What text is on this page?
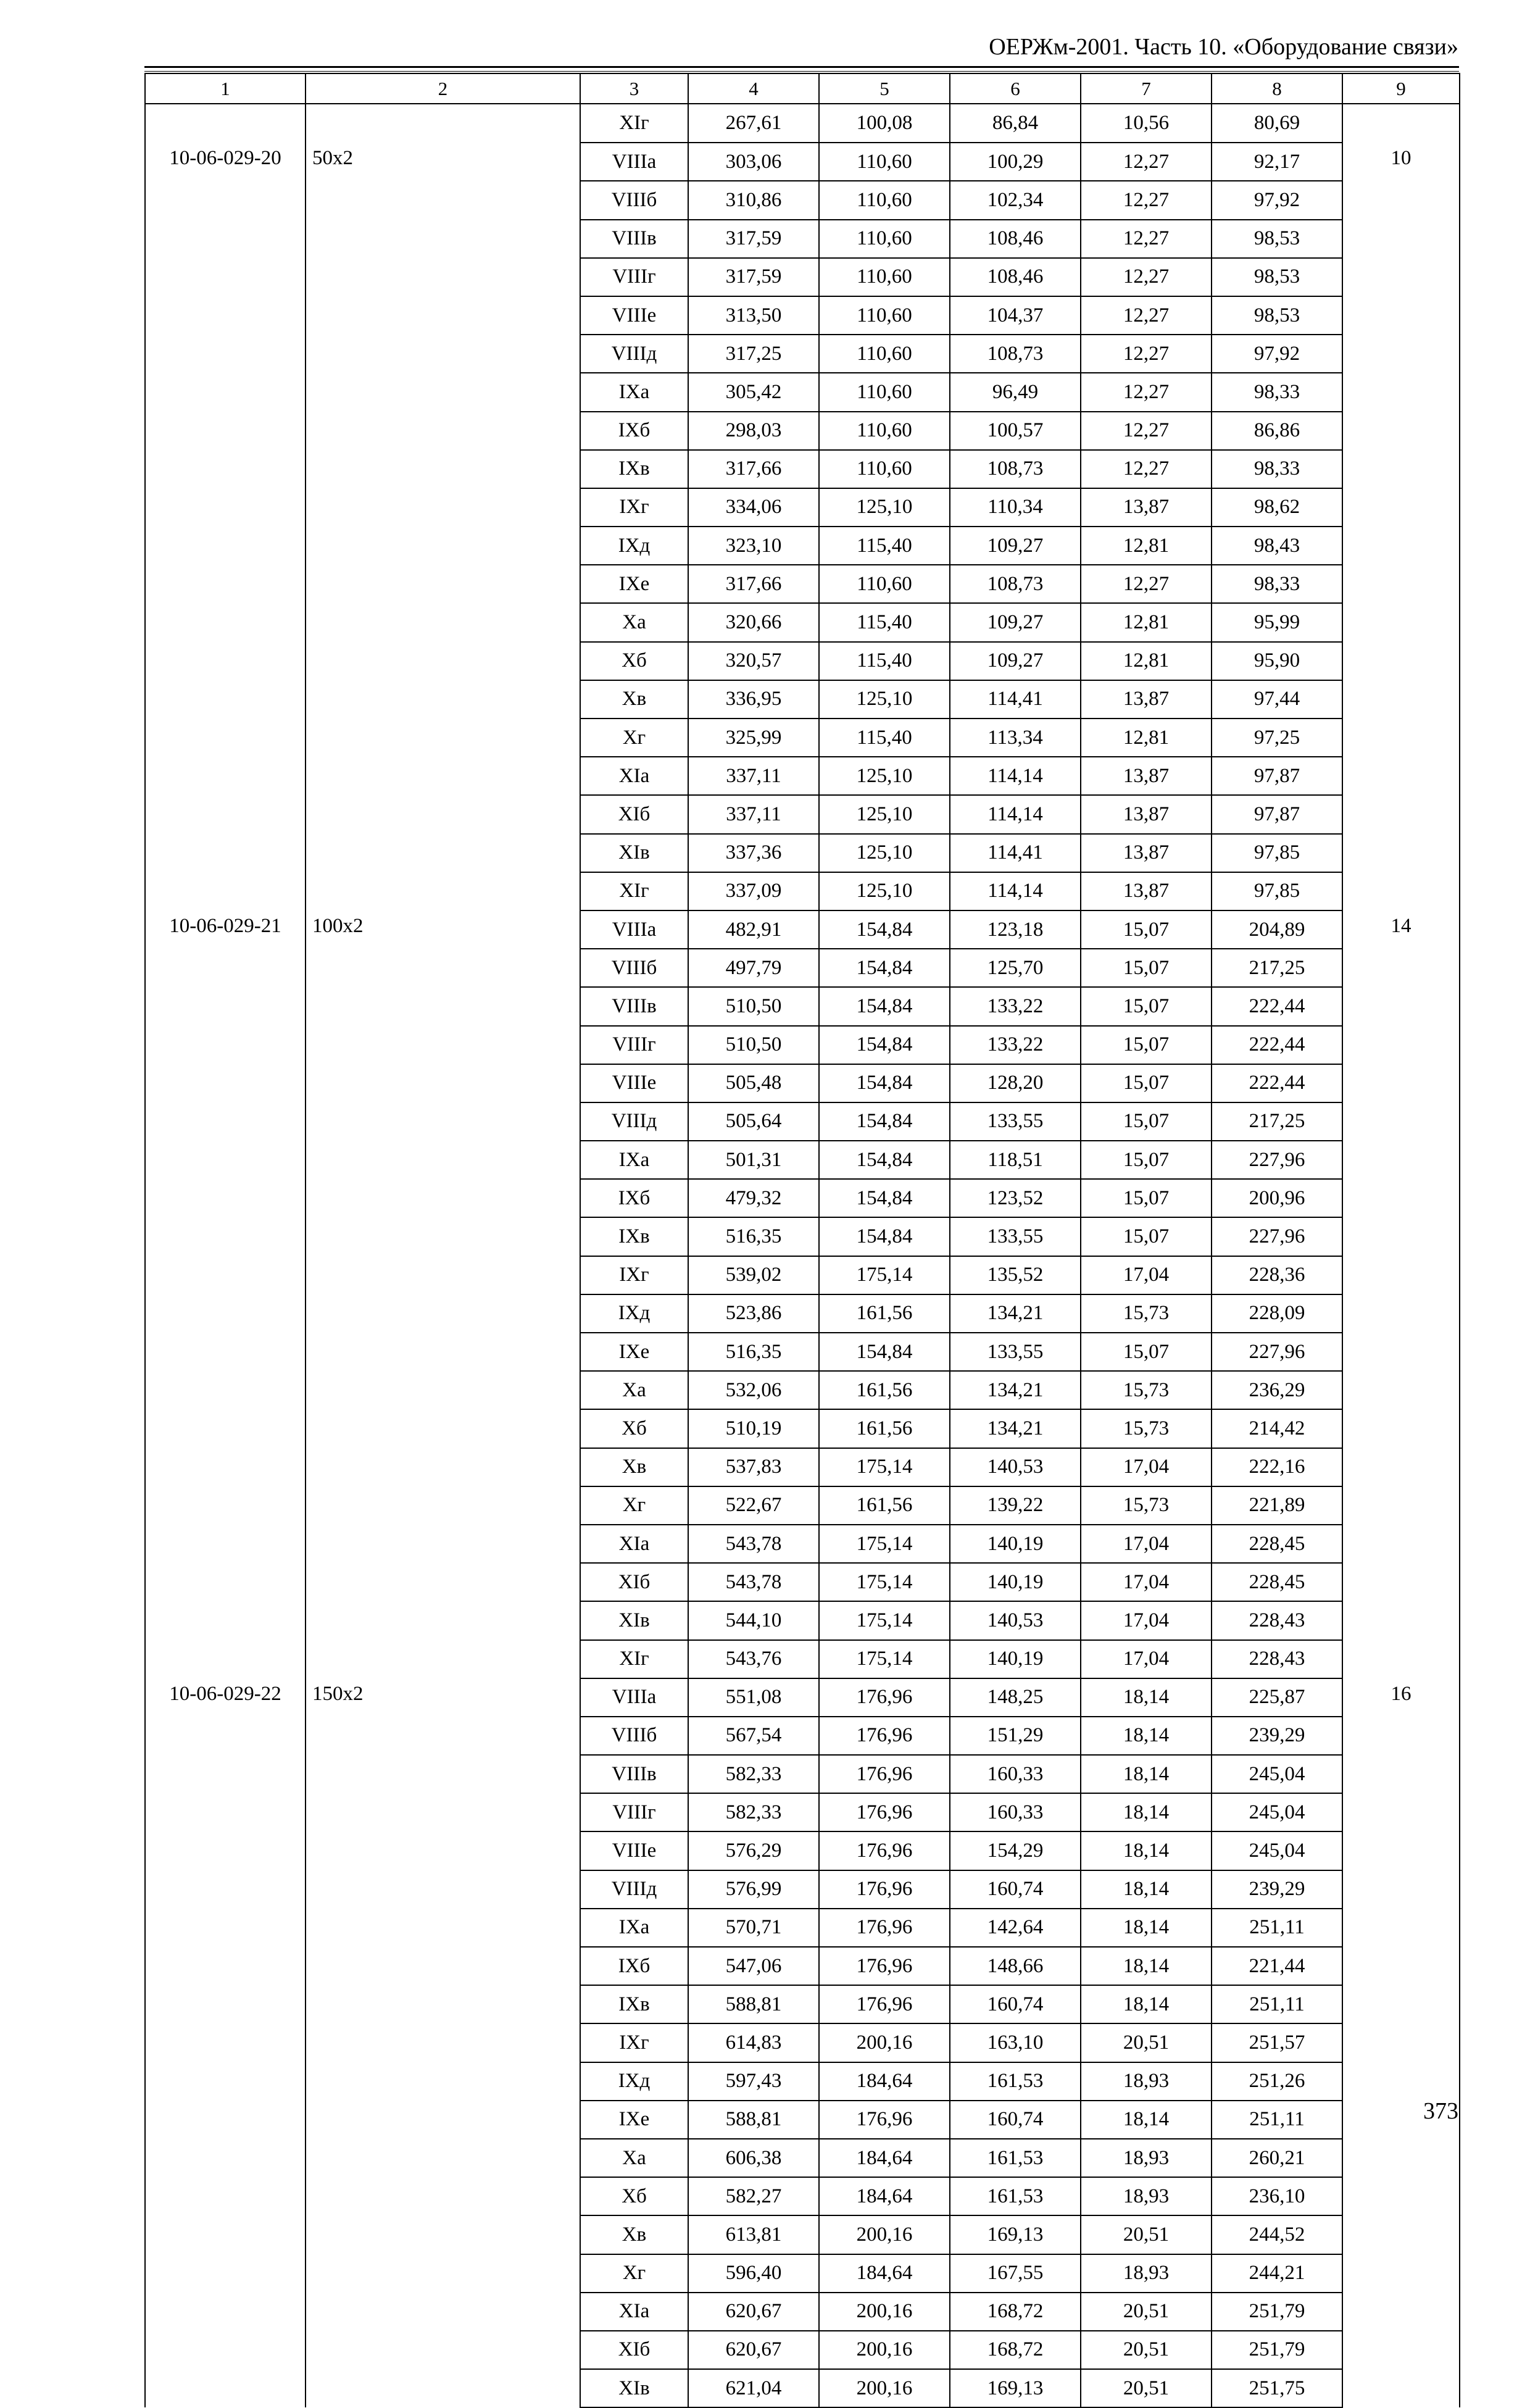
ОЕРЖм-2001. Часть 10. «Оборудование связи»
1	2	3	4	5	6	7	8	9
		XIг	267,61	100,08	86,84	10,56	80,69	
10-06-029-20	50x2	VIIIа	303,06	110,60	100,29	12,27	92,17	10
		VIIIб	310,86	110,60	102,34	12,27	97,92	
		VIIIв	317,59	110,60	108,46	12,27	98,53	
		VIIIг	317,59	110,60	108,46	12,27	98,53	
		VIIIе	313,50	110,60	104,37	12,27	98,53	
		VIIIд	317,25	110,60	108,73	12,27	97,92	
		IXа	305,42	110,60	96,49	12,27	98,33	
		IXб	298,03	110,60	100,57	12,27	86,86	
		IXв	317,66	110,60	108,73	12,27	98,33	
		IXг	334,06	125,10	110,34	13,87	98,62	
		IXд	323,10	115,40	109,27	12,81	98,43	
		IXе	317,66	110,60	108,73	12,27	98,33	
		Xа	320,66	115,40	109,27	12,81	95,99	
		Xб	320,57	115,40	109,27	12,81	95,90	
		Xв	336,95	125,10	114,41	13,87	97,44	
		Xг	325,99	115,40	113,34	12,81	97,25	
		XIа	337,11	125,10	114,14	13,87	97,87	
		XIб	337,11	125,10	114,14	13,87	97,87	
		XIв	337,36	125,10	114,41	13,87	97,85	
		XIг	337,09	125,10	114,14	13,87	97,85	
10-06-029-21	100x2	VIIIа	482,91	154,84	123,18	15,07	204,89	14
		VIIIб	497,79	154,84	125,70	15,07	217,25	
		VIIIв	510,50	154,84	133,22	15,07	222,44	
		VIIIг	510,50	154,84	133,22	15,07	222,44	
		VIIIе	505,48	154,84	128,20	15,07	222,44	
		VIIIд	505,64	154,84	133,55	15,07	217,25	
		IXа	501,31	154,84	118,51	15,07	227,96	
		IXб	479,32	154,84	123,52	15,07	200,96	
		IXв	516,35	154,84	133,55	15,07	227,96	
		IXг	539,02	175,14	135,52	17,04	228,36	
		IXд	523,86	161,56	134,21	15,73	228,09	
		IXе	516,35	154,84	133,55	15,07	227,96	
		Xа	532,06	161,56	134,21	15,73	236,29	
		Xб	510,19	161,56	134,21	15,73	214,42	
		Xв	537,83	175,14	140,53	17,04	222,16	
		Xг	522,67	161,56	139,22	15,73	221,89	
		XIа	543,78	175,14	140,19	17,04	228,45	
		XIб	543,78	175,14	140,19	17,04	228,45	
		XIв	544,10	175,14	140,53	17,04	228,43	
		XIг	543,76	175,14	140,19	17,04	228,43	
10-06-029-22	150x2	VIIIа	551,08	176,96	148,25	18,14	225,87	16
		VIIIб	567,54	176,96	151,29	18,14	239,29	
		VIIIв	582,33	176,96	160,33	18,14	245,04	
		VIIIг	582,33	176,96	160,33	18,14	245,04	
		VIIIе	576,29	176,96	154,29	18,14	245,04	
		VIIIд	576,99	176,96	160,74	18,14	239,29	
		IXа	570,71	176,96	142,64	18,14	251,11	
		IXб	547,06	176,96	148,66	18,14	221,44	
		IXв	588,81	176,96	160,74	18,14	251,11	
		IXг	614,83	200,16	163,10	20,51	251,57	
		IXд	597,43	184,64	161,53	18,93	251,26	
		IXе	588,81	176,96	160,74	18,14	251,11	
		Xа	606,38	184,64	161,53	18,93	260,21	
		Xб	582,27	184,64	161,53	18,93	236,10	
		Xв	613,81	200,16	169,13	20,51	244,52	
		Xг	596,40	184,64	167,55	18,93	244,21	
		XIа	620,67	200,16	168,72	20,51	251,79	
		XIб	620,67	200,16	168,72	20,51	251,79	
		XIв	621,04	200,16	169,13	20,51	251,75	
373
